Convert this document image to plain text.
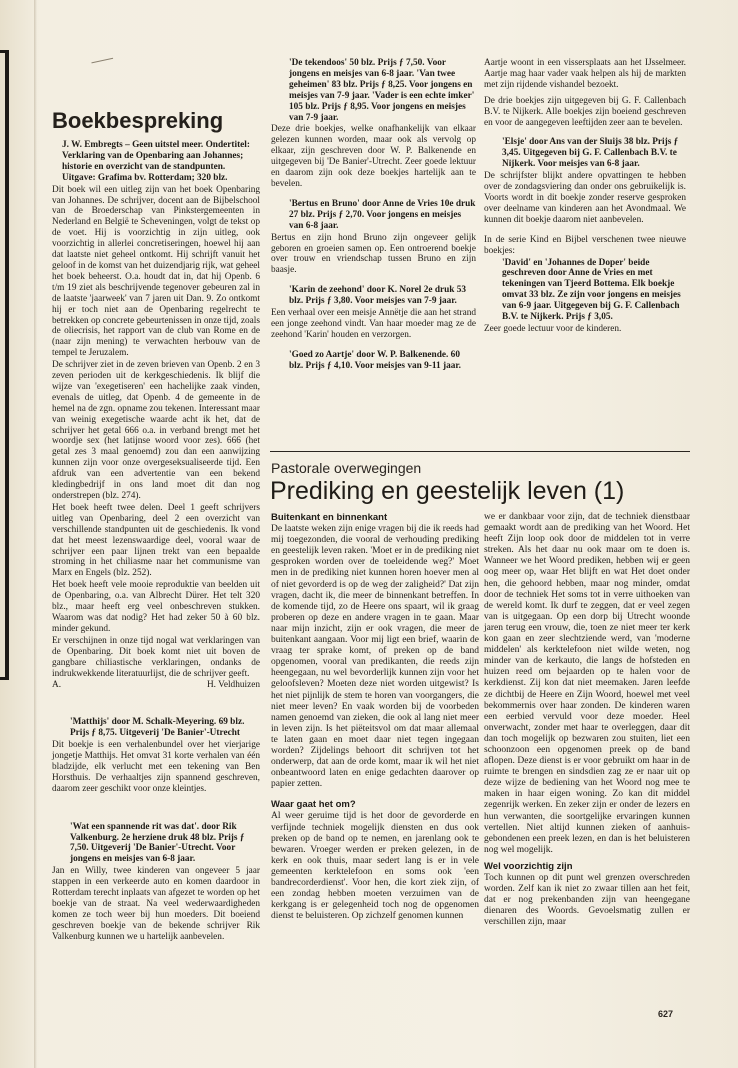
Boekbespreking

J. W. Embregts – Geen uitstel meer. Ondertitel: Verklaring van de Openbaring aan Johannes; historie en overzicht van de standpunten. Uitgave: Grafima bv. Rotterdam; 320 blz.

Dit boek wil een uitleg zijn van het boek Openbaring van Johannes. De schrijver, docent aan de Bijbelschool van de Broederschap van Pinkstergemeenten in Nederland en België te Scheveningen, volgt de tekst op de voet. Hij is voorzichtig in zijn uitleg, ook voorzichtig in allerlei concretiseringen, hoewel hij aan dat laatste niet geheel ontkomt. Hij schrijft vanuit het geloof in de komst van het duizendjarig rijk, wat geheel het boek beheerst. O.a. houdt dat in, dat hij Openb. 6 t/m 19 ziet als beschrijvende tegenover gebeuren zal in de laatste 'jaarweek' van 7 jaren uit Dan. 9. Zo ontkomt hij er toch niet aan de Openbaring regelrecht te betrekken op concrete gebeurtenissen in onze tijd, zoals de oliecrisis, het rapport van de club van Rome en de (naar zijn mening) te verwachten herbouw van de tempel te Jeruzalem.

De schrijver ziet in de zeven brieven van Openb. 2 en 3 zeven perioden uit de kerkgeschiedenis. Ik blijf die wijze van 'exegetiseren' een hachelijke zaak vinden, evenals de uitleg, dat Openb. 4 de gemeente in de hemel na de zgn. opname zou tekenen. Interessant maar van weinig exegetische waarde acht ik het, dat de schrijver het getal 666 o.a. in verband brengt met het woordje sex (het latijnse woord voor zes). 666 (het getal zes 3 maal genoemd) zou dan een aanwijzing kunnen zijn voor onze overgeseksualiseerde tijd. Een afdruk van een advertentie van een bekend kledingbedrijf in ons land moet dit dan nog onderstrepen (blz. 274).

Het boek heeft twee delen. Deel 1 geeft schrijvers uitleg van Openbaring, deel 2 een overzicht van verschillende standpunten uit de geschiedenis. Ik vond dat het meest lezenswaardige deel, vooral waar de schrijver een paar lijnen trekt van een bepaalde stroming in het chiliasme naar het communisme van Marx en Engels (blz. 252).

Het boek heeft vele mooie reproduktie van beelden uit de Openbaring, o.a. van Albrecht Dürer. Het telt 320 blz., maar heeft erg veel onbeschreven stukken. Waarom was dat nodig? Het had zeker 50 à 60 blz. minder gekund.

Er verschijnen in onze tijd nogal wat verklaringen van de Openbaring. Dit boek komt niet uit boven de gangbare chiliastische verklaringen, ondanks de indrukwekkende literatuurlijst, die de schrijver geeft.

A.	H. Veldhuizen

'Matthijs' door M. Schalk-Meyering. 69 blz. Prijs ƒ 8,75. Uitgeverij 'De Banier'-Utrecht

Dit boekje is een verhalenbundel over het vierjarige jongetje Matthijs. Het omvat 31 korte verhalen van één bladzijde, elk verlucht met een tekening van Ben Horsthuis. De verhaaltjes zijn spannend geschreven, daarom zeer geschikt voor onze kleintjes.

'Wat een spannende rit was dat'. door Rik Valkenburg. 2e herziene druk 48 blz. Prijs ƒ 7,50. Uitgeverij 'De Banier'-Utrecht. Voor jongens en meisjes van 6-8 jaar.

Jan en Willy, twee kinderen van ongeveer 5 jaar stappen in een verkeerde auto en komen daardoor in Rotterdam terecht inplaats van afgezet te worden op het boekje van de straat. Na veel wederwaardigheden komen ze toch weer bij hun moeders. Dit boeiend geschreven boekje van de bekende schrijver Rik Valkenburg kunnen we u hartelijk aanbevelen.

'De tekendoos' 50 blz. Prijs ƒ 7,50. Voor jongens en meisjes van 6-8 jaar. 'Van twee geheimen' 83 blz. Prijs ƒ 8,25. Voor jongens en meisjes van 7-9 jaar. 'Vader is een echte imker' 105 blz. Prijs ƒ 8,95. Voor jongens en meisjes van 7-9 jaar.

Deze drie boekjes, welke onafhankelijk van elkaar gelezen kunnen worden, maar ook als vervolg op elkaar, zijn geschreven door W. P. Balkenende en uitgegeven bij 'De Banier'-Utrecht. Zeer goede lektuur en daarom zijn ook deze boekjes hartelijk aan te bevelen.

'Bertus en Bruno' door Anne de Vries 10e druk 27 blz. Prijs ƒ 2,70. Voor jongens en meisjes van 6-8 jaar.

Bertus en zijn hond Bruno zijn ongeveer gelijk geboren en groeien samen op. Een ontroerend boekje over trouw en vriendschap tussen Bruno en zijn baasje.

'Karin de zeehond' door K. Norel 2e druk 53 blz. Prijs ƒ 3,80. Voor meisjes van 7-9 jaar.

Een verhaal over een meisje Annëtje die aan het strand een jonge zeehond vindt. Van haar moeder mag ze de zeehond 'Karin' houden en verzorgen.

'Goed zo Aartje' door W. P. Balkenende. 60 blz. Prijs ƒ 4,10. Voor meisjes van 9-11 jaar.

Aartje woont in een vissersplaats aan het IJsselmeer. Aartje mag haar vader vaak helpen als hij de markten met zijn rijdende vishandel bezoekt.

De drie boekjes zijn uitgegeven bij G. F. Callenbach B.V. te Nijkerk. Alle boekjes zijn boeiend geschreven en voor de aangegeven leeftijden zeer aan te bevelen.

'Elsje' door Ans van der Sluijs 38 blz. Prijs ƒ 3,45. Uitgegeven bij G. F. Callenbach B.V. te Nijkerk. Voor meisjes van 6-8 jaar.

De schrijfster blijkt andere opvattingen te hebben over de zondagsviering dan onder ons gebruikelijk is. Voorts wordt in dit boekje zonder reserve gesproken over deelname van kinderen aan het Avondmaal. We kunnen dit boekje daarom niet aanbevelen.

In de serie Kind en Bijbel verschenen twee nieuwe boekjes:

'David' en 'Johannes de Doper' beide geschreven door Anne de Vries en met tekeningen van Tjeerd Bottema. Elk boekje omvat 33 blz. Ze zijn voor jongens en meisjes van 6-9 jaar. Uitgegeven bij G. F. Callenbach B.V. te Nijkerk. Prijs ƒ 3,05.

Zeer goede lectuur voor de kinderen.

Pastorale overwegingen
Prediking en geestelijk leven (1)

Buitenkant en binnenkant

De laatste weken zijn enige vragen bij die ik reeds had mij toegezonden, die vooral de verhouding prediking en geestelijk leven raken. 'Moet er in de prediking niet gesproken worden over de toeleidende weg?' Moet men in de prediking niet kunnen horen hoever men al of niet gevorderd is op de weg der zaligheid?' Dat zijn vragen, dacht ik, die meer de binnenkant betreffen. In de komende tijd, zo de Heere ons spaart, wil ik graag proberen op deze en andere vragen in te gaan. Maar naar mijn inzicht, zijn er ook vragen, die meer de buitenkant aangaan. Voor mij ligt een brief, waarin de vraag ter sprake komt, of preken op de band opgenomen, vooral van predikanten, die reeds zijn heengegaan, nu wel bevorderlijk kunnen zijn voor het geloofsleven? Moeten deze niet worden uitgewist? Is het niet pijnlijk de stem te horen van voorgangers, die niet meer leven? En vaak worden bij de voorbeden namen genoemd van zieken, die ook al lang niet meer in leven zijn. Is het piëteitsvol om dat maar allemaal te laten gaan en moet daar niet tegen ingegaan worden? Zijdelings behoort dit schrijven tot het onderwerp, dat aan de orde komt, maar ik wil het niet onbeantwoord laten en enige gedachten daarover op papier zetten.

Waar gaat het om?

Al weer geruime tijd is het door de gevorderde en verfijnde techniek mogelijk diensten en dus ook preken op de band op te nemen, en jarenlang ook te bewaren. Vroeger werden er preken gelezen, in de kerk en ook thuis, maar sedert lang is er in vele gemeenten kerktelefoon en soms ook 'een bandrecorderdienst'. Voor hen, die kort ziek zijn, of een zondag hebben moeten verzuimen van de kerkgang is er gelegenheid toch nog de opgenomen dienst te beluisteren. Op zichzelf genomen kunnen

we er dankbaar voor zijn, dat de techniek dienstbaar gemaakt wordt aan de prediking van het Woord. Het heeft Zijn loop ook door de middelen tot in verre streken. Als het daar nu ook maar om te doen is. Wanneer we het Woord prediken, hebben wij er geen oog meer op, waar Het blijft en wat Het doet onder hen, die gehoord hebben, maar nog minder, omdat door de techniek Het soms tot in verre uithoeken van de wereld komt. Ik durf te zeggen, dat er veel zegen van is uitgegaan. Op een dorp bij Utrecht woonde jaren terug een vrouw, die, toen ze niet meer ter kerk kon gaan en zeer slechtziende werd, van 'moderne middelen' als kerktelefoon niet wilde weten, nog minder van de kerkauto, die langs de hofsteden en huizen reed om bejaarden op te halen voor de kerkdienst. Zij kon dat niet meemaken. Jaren leefde ze dichtbij de Heere en Zijn Woord, hoewel met veel bekommernis over haar zonden. De kinderen waren een eerbied vervuld voor deze moeder. Heel onverwacht, zonder met haar te overleggen, daar dit dan toch mogelijk op bezwaren zou stuiten, liet een schoonzoon een opgenomen preek op de band aflopen. Deze dienst is er voor gebruikt om haar in de ruimte te brengen en sindsdien zag ze er naar uit op deze wijze de bediening van het Woord nog mee te maken in haar eigen woning. Zo kan dit middel zegenrijk werken. En zeker zijn er onder de lezers en hun verwanten, die soortgelijke ervaringen kunnen vertellen. Niet altijd kunnen zieken of aanhuis-gebondenen een preek lezen, en dan is het beluisteren nog wel mogelijk.

Wel voorzichtig zijn

Toch kunnen op dit punt wel grenzen overschreden worden. Zelf kan ik niet zo zwaar tillen aan het feit, dat er nog prekenbanden zijn van heengegane dienaren des Woords. Gevoelsmatig zullen er verschillen zijn, maar

627
